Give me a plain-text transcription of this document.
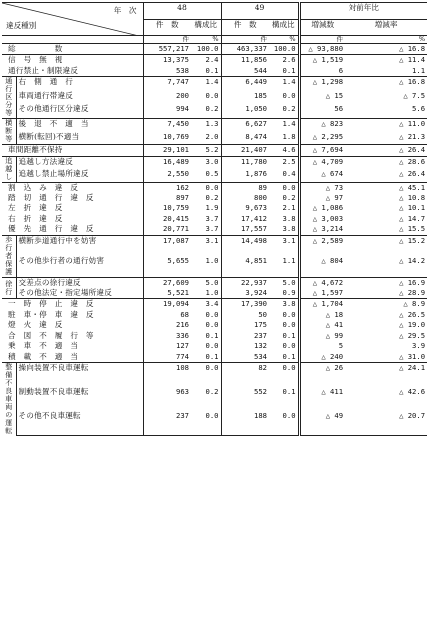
年　次
違反種別		48		49		対前年比	
		件　数	構成比	件　数	構成比	増減数	増減率
		件	%	件	%	件	%
総　　　　　数		557,217	100.0	463,337	100.0	△ 93,880	△ 16.8
信　号　無　視		13,375	2.4	11,856	2.6	△ 1,519	△ 11.4
通行禁止・制限違反		538	0.1	544	0.1	6	1.1
通行区分等	右　側　通　行	7,747	1.4	6,449	1.4	△ 1,298	△ 16.8
	車両通行帯違反	200	0.0	185	0.0	△ 15	△ 7.5
	その他通行区分違反	994	0.2	1,050	0.2	56	5.6
横断等	後　退　不　適　当	7,450	1.3	6,627	1.4	△ 823	△ 11.0
	横断(転回)不適当	10,769	2.0	8,474	1.8	△ 2,295	△ 21.3
車間距離不保持		29,101	5.2	21,407	4.6	△ 7,694	△ 26.4
追越し	追越し方法違反	16,489	3.0	11,780	2.5	△ 4,709	△ 28.6
	追越し禁止場所違反	2,550	0.5	1,876	0.4	△ 674	△ 26.4
割　込　み　違　反		162	0.0	89	0.0	△ 73	△ 45.1
踏　切　通　行　違　反		897	0.2	800	0.2	△ 97	△ 10.8
左　折　違　反		10,759	1.9	9,673	2.1	△ 1,086	△ 10.1
右　折　違　反		20,415	3.7	17,412	3.8	△ 3,003	△ 14.7
優　先　通　行　違　反		20,771	3.7	17,557	3.8	△ 3,214	△ 15.5
歩行者保護	横断歩道通行中を妨害	17,087	3.1	14,498	3.1	△ 2,589	△ 15.2
	その他歩行者の通行妨害	5,655	1.0	4,851	1.1	△ 804	△ 14.2
徐行	交差点の徐行違反	27,609	5.0	22,937	5.0	△ 4,672	△ 16.9
	その他法定・指定場所違反	5,521	1.0	3,924	0.9	△ 1,597	△ 28.9
一　時　停　止　違　反		19,094	3.4	17,390	3.8	△ 1,704	△ 8.9
駐　車・停　車　違　反		68	0.0	50	0.0	△ 18	△ 26.5
燈　火　違　反		216	0.0	175	0.0	△ 41	△ 19.0
合　図　不　履　行　等		336	0.1	237	0.1	△ 99	△ 29.5
乗　車　不　適　当		127	0.0	132	0.0	5	3.9
積　載　不　適　当		774	0.1	534	0.1	△ 240	△ 31.0
整備不良車両の運転	操向装置不良車運転	108	0.0	82	0.0	△ 26	△ 24.1
	制動装置不良車運転	963	0.2	552	0.1	△ 411	△ 42.6
	その他不良車運転	237	0.0	188	0.0	△ 49	△ 20.7
